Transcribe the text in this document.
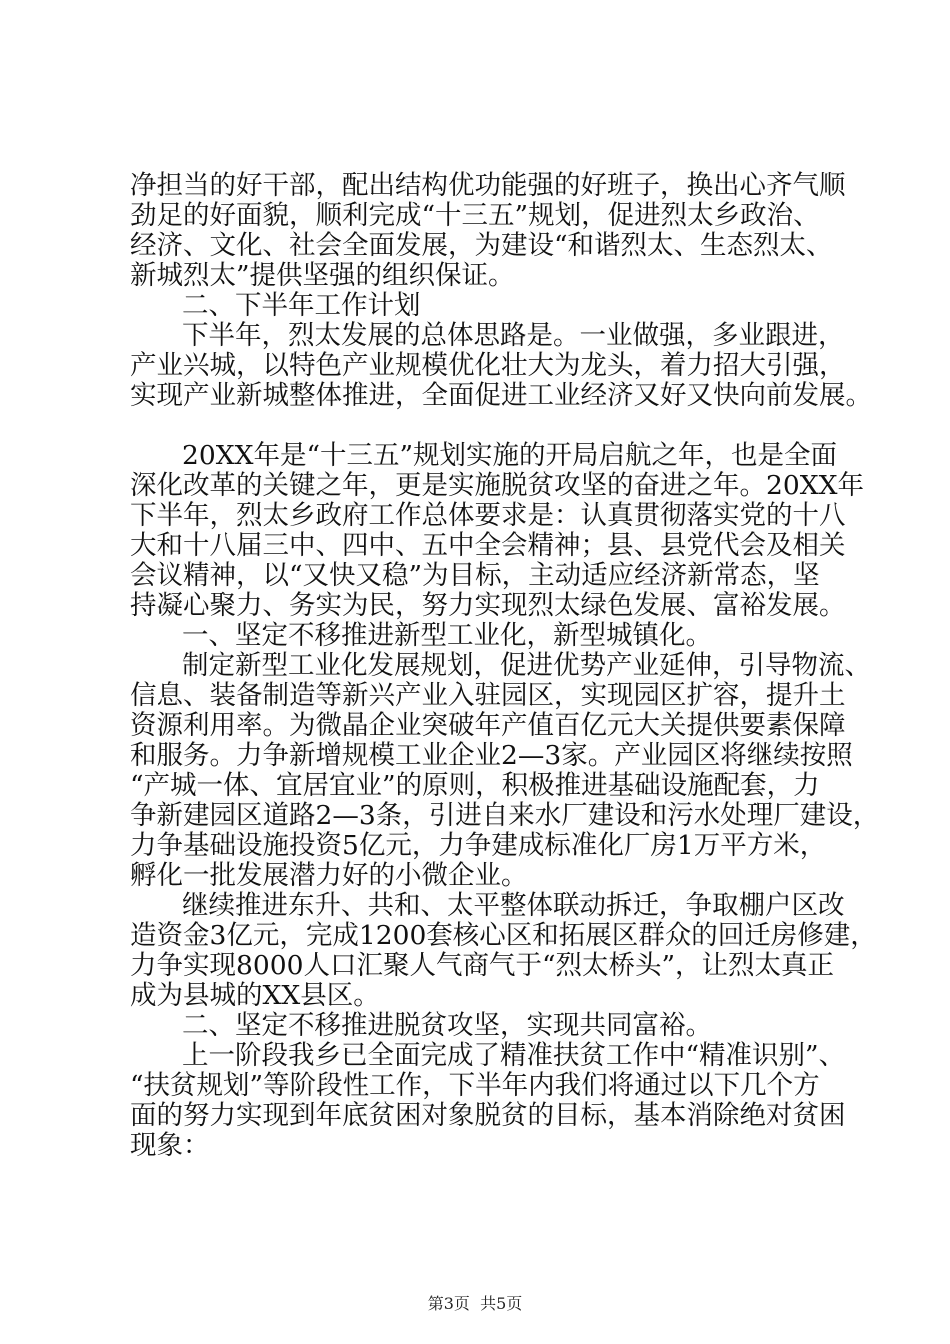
净担当的好干部，配出结构优功能强的好班子，换出心齐气顺
劲足的好面貌，顺利完成“十三五”规划，促进烈太乡政治、
经济、文化、社会全面发展，为建设“和谐烈太、生态烈太、
新城烈太”提供坚强的组织保证。
二、下半年工作计划
下半年，烈太发展的总体思路是。一业做强，多业跟进，
产业兴城，以特色产业规模优化壮大为龙头，着力招大引强，
实现产业新城整体推进，全面促进工业经济又好又快向前发展。
20XX年是“十三五”规划实施的开局启航之年，也是全面
深化改革的关键之年，更是实施脱贫攻坚的奋进之年。20XX年
下半年，烈太乡政府工作总体要求是：认真贯彻落实党的十八
大和十八届三中、四中、五中全会精神；县、县党代会及相关
会议精神，以“又快又稳”为目标，主动适应经济新常态，坚
持凝心聚力、务实为民，努力实现烈太绿色发展、富裕发展。
一、坚定不移推进新型工业化，新型城镇化。
制定新型工业化发展规划，促进优势产业延伸，引导物流、
信息、装备制造等新兴产业入驻园区，实现园区扩容，提升土
资源利用率。为微晶企业突破年产值百亿元大关提供要素保障
和服务。力争新增规模工业企业2—3家。产业园区将继续按照
“产城一体、宜居宜业”的原则，积极推进基础设施配套，力
争新建园区道路2—3条，引进自来水厂建设和污水处理厂建设，
力争基础设施投资5亿元，力争建成标准化厂房1万平方米，
孵化一批发展潜力好的小微企业。
继续推进东升、共和、太平整体联动拆迁，争取棚户区改
造资金3亿元，完成1200套核心区和拓展区群众的回迁房修建，
力争实现8000人口汇聚人气商气于“烈太桥头”，让烈太真正
成为县城的XX县区。
二、坚定不移推进脱贫攻坚，实现共同富裕。
上一阶段我乡已全面完成了精准扶贫工作中“精准识别”、
“扶贫规划”等阶段性工作，下半年内我们将通过以下几个方
面的努力实现到年底贫困对象脱贫的目标，基本消除绝对贫困
现象：
第3页  共5页
